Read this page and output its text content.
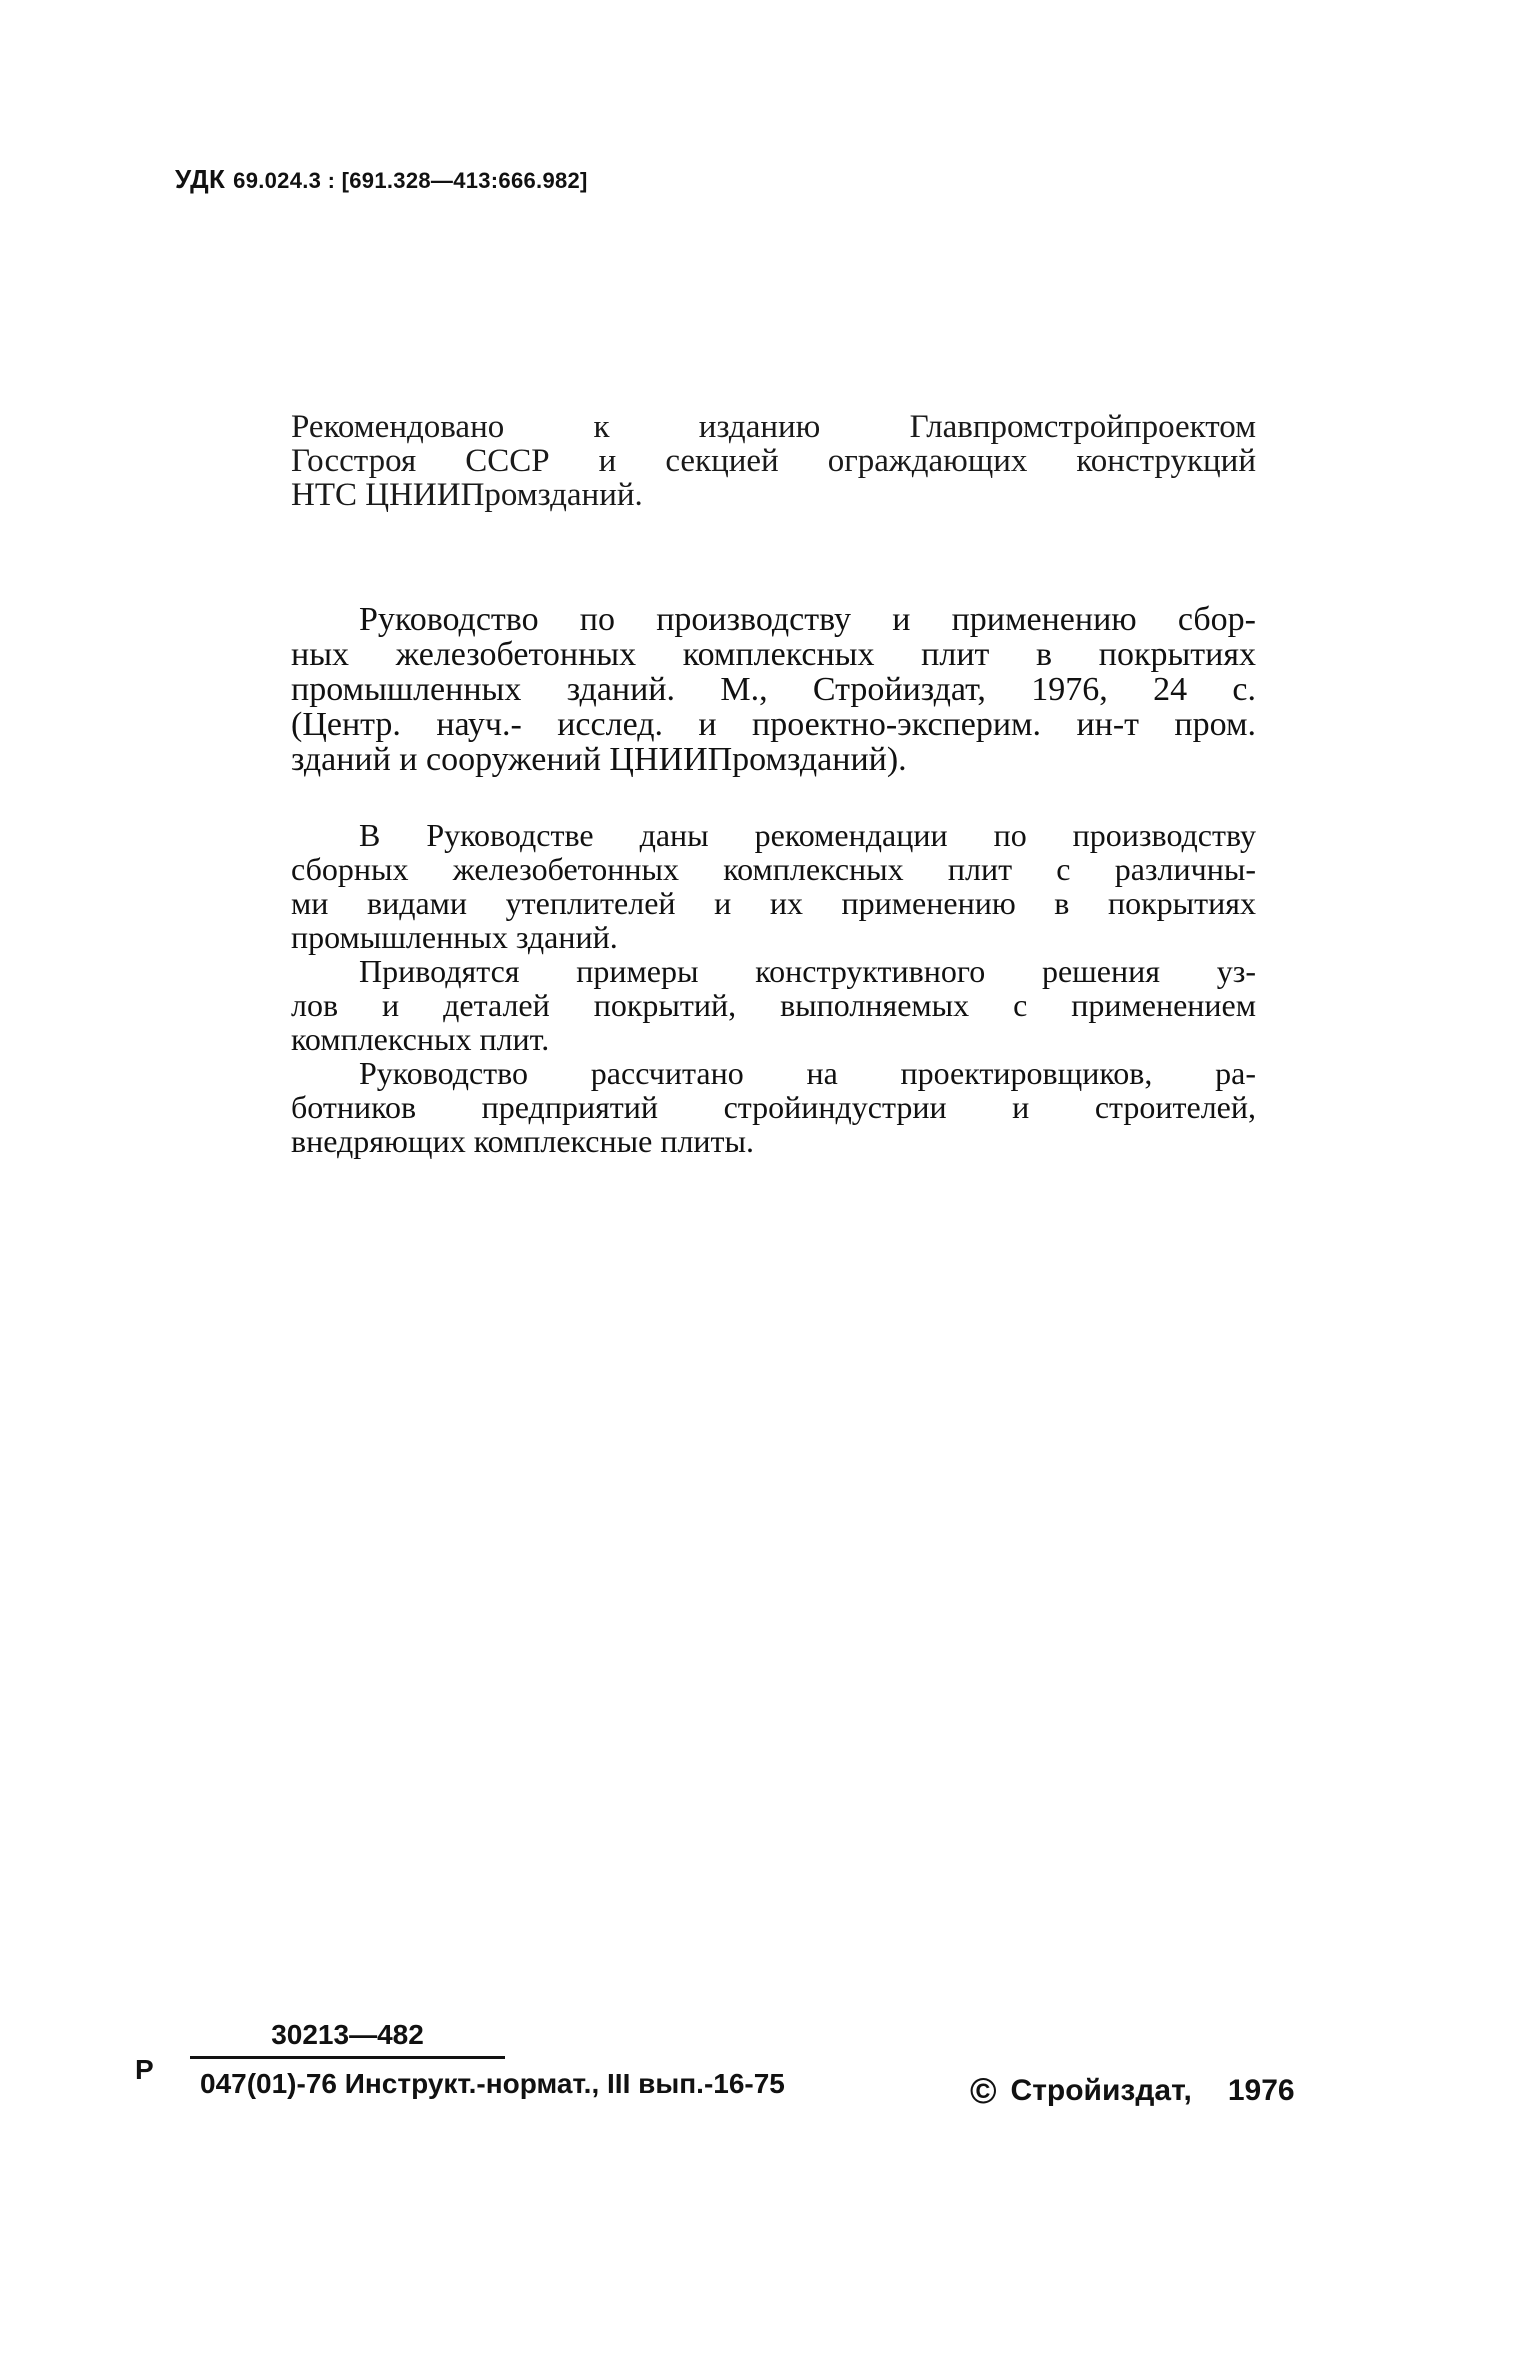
УДК 69.024.3 : [691.328—413:666.982]
Рекомендовано к изданию Главпромстройпроектом
Госстроя СССР и секцией ограждающих конструкций
НТС ЦНИИПромзданий.
Руководство по производству и применению сбор-
ных железобетонных комплексных плит в покрытиях
промышленных зданий. М., Стройиздат, 1976, 24 с.
(Центр. науч.- исслед. и проектно-эксперим. ин-т пром.
зданий и сооружений ЦНИИПромзданий).
В Руководстве даны рекомендации по производству
сборных железобетонных комплексных плит с различны-
ми видами утеплителей и их применению в покрытиях
промышленных зданий.
Приводятся примеры конструктивного решения уз-
лов и деталей покрытий, выполняемых с применением
комплексных плит.
Руководство рассчитано на проектировщиков, ра-
ботников предприятий стройиндустрии и строителей,
внедряющих комплексные плиты.
Р
30213—482
047(01)-76 Инструкт.-нормат., III вып.-16-75	© Стройиздат, 1976
